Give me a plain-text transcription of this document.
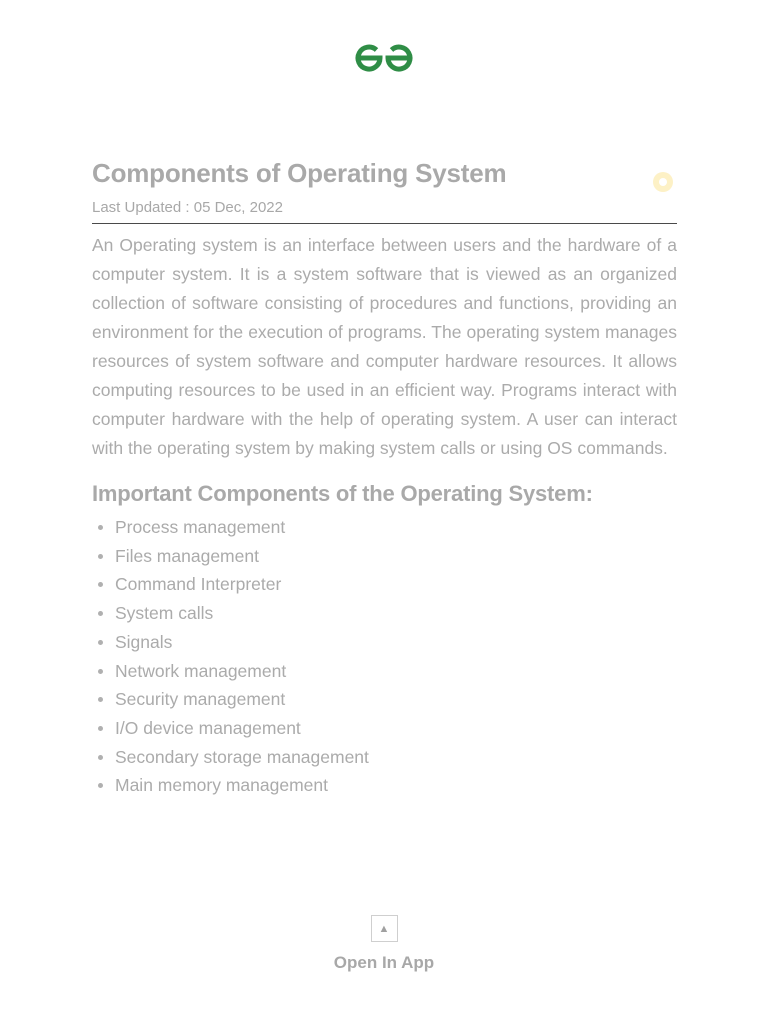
Components of Operating System
Last Updated : 05 Dec, 2022

An Operating system is an interface between users and the hardware of a computer system. It is a system software that is viewed as an organized collection of software consisting of procedures and functions, providing an environment for the execution of programs. The operating system manages resources of system software and computer hardware resources. It allows computing resources to be used in an efficient way. Programs interact with computer hardware with the help of operating system. A user can interact with the operating system by making system calls or using OS commands.

Important Components of the Operating System:
Process management
Files management
Command Interpreter
System calls
Signals
Network management
Security management
I/O device management
Secondary storage management
Main memory management
▲
Open In App
